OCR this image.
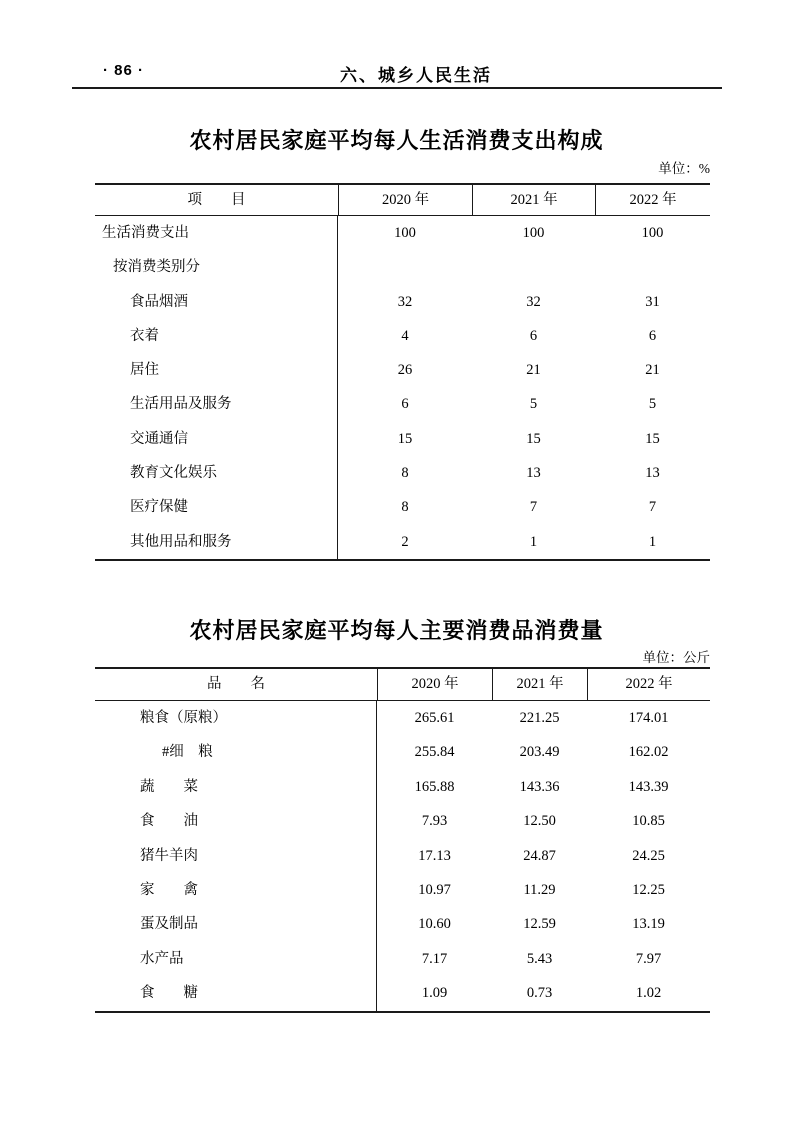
· 86 ·	六、城乡人民生活
农村居民家庭平均每人生活消费支出构成
单位：%
项　　目	2020 年	2021 年	2022 年
生活消费支出	100	100	100
按消费类别分
食品烟酒	32	32	31
衣着	4	6	6
居住	26	21	21
生活用品及服务	6	5	5
交通通信	15	15	15
教育文化娱乐	8	13	13
医疗保健	8	7	7
其他用品和服务	2	1	1
农村居民家庭平均每人主要消费品消费量
单位：公斤
品　　名	2020 年	2021 年	2022 年
粮食（原粮）	265.61	221.25	174.01
#细　粮	255.84	203.49	162.02
蔬　　菜	165.88	143.36	143.39
食　　油	7.93	12.50	10.85
猪牛羊肉	17.13	24.87	24.25
家　　禽	10.97	11.29	12.25
蛋及制品	10.60	12.59	13.19
水产品	7.17	5.43	7.97
食　　糖	1.09	0.73	1.02
